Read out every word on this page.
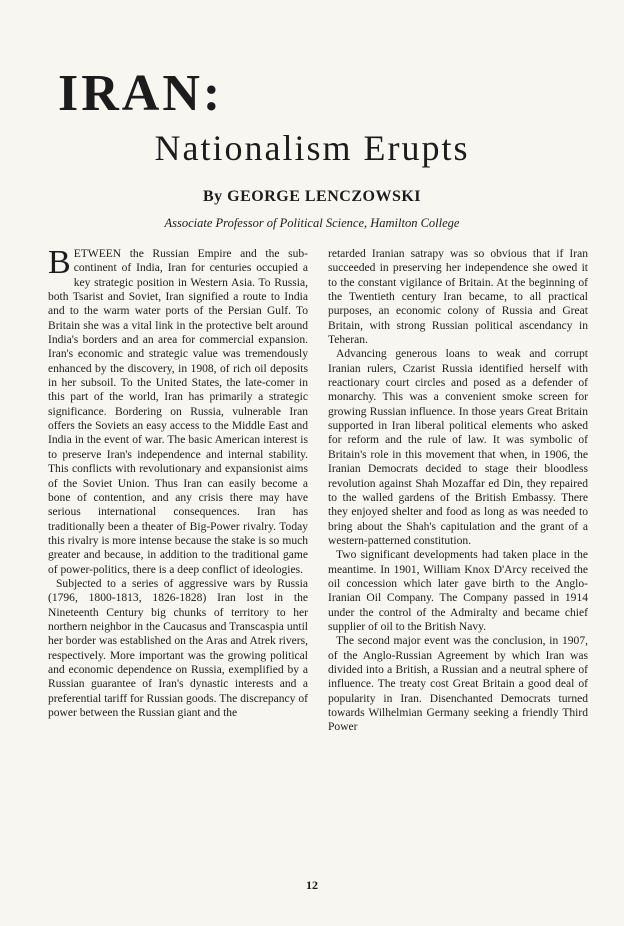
IRAN:
Nationalism Erupts

By GEORGE LENCZOWSKI

Associate Professor of Political Science, Hamilton College

BETWEEN the Russian Empire and the sub-continent of India, Iran for centuries occupied a key strategic position in Western Asia. To Russia, both Tsarist and Soviet, Iran signified a route to India and to the warm water ports of the Persian Gulf. To Britain she was a vital link in the protective belt around India's borders and an area for commercial expansion. Iran's economic and strategic value was tremendously enhanced by the discovery, in 1908, of rich oil deposits in her subsoil. To the United States, the late-comer in this part of the world, Iran has primarily a strategic significance. Bordering on Russia, vulnerable Iran offers the Soviets an easy access to the Middle East and India in the event of war. The basic American interest is to preserve Iran's independence and internal stability. This conflicts with revolutionary and expansionist aims of the Soviet Union. Thus Iran can easily become a bone of contention, and any crisis there may have serious international consequences. Iran has traditionally been a theater of Big-Power rivalry. Today this rivalry is more intense because the stake is so much greater and because, in addition to the traditional game of power-politics, there is a deep conflict of ideologies.

Subjected to a series of aggressive wars by Russia (1796, 1800-1813, 1826-1828) Iran lost in the Nineteenth Century big chunks of territory to her northern neighbor in the Caucasus and Transcaspia until her border was established on the Aras and Atrek rivers, respectively. More important was the growing political and economic dependence on Russia, exemplified by a Russian guarantee of Iran's dynastic interests and a preferential tariff for Russian goods. The discrepancy of power between the Russian giant and the

retarded Iranian satrapy was so obvious that if Iran succeeded in preserving her independence she owed it to the constant vigilance of Britain. At the beginning of the Twentieth century Iran became, to all practical purposes, an economic colony of Russia and Great Britain, with strong Russian political ascendancy in Teheran.

Advancing generous loans to weak and corrupt Iranian rulers, Czarist Russia identified herself with reactionary court circles and posed as a defender of monarchy. This was a convenient smoke screen for growing Russian influence. In those years Great Britain supported in Iran liberal political elements who asked for reform and the rule of law. It was symbolic of Britain's role in this movement that when, in 1906, the Iranian Democrats decided to stage their bloodless revolution against Shah Mozaffar ed Din, they repaired to the walled gardens of the British Embassy. There they enjoyed shelter and food as long as was needed to bring about the Shah's capitulation and the grant of a western-patterned constitution.

Two significant developments had taken place in the meantime. In 1901, William Knox D'Arcy received the oil concession which later gave birth to the Anglo-Iranian Oil Company. The Company passed in 1914 under the control of the Admiralty and became chief supplier of oil to the British Navy.

The second major event was the conclusion, in 1907, of the Anglo-Russian Agreement by which Iran was divided into a British, a Russian and a neutral sphere of influence. The treaty cost Great Britain a good deal of popularity in Iran. Disenchanted Democrats turned towards Wilhelmian Germany seeking a friendly Third Power

12
